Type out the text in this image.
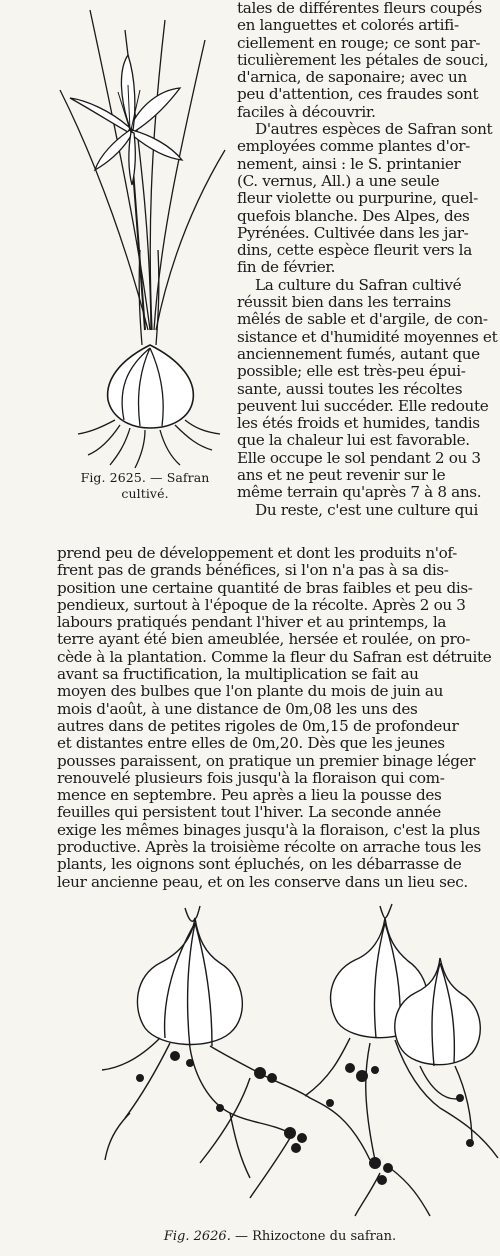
Fig. 2625. — Safran
cultivé.
tales de différentes fleurs coupés
en languettes et colorés artifi-
ciellement en rouge; ce sont par-
ticulièrement les pétales de souci,
d'arnica, de saponaire; avec un
peu d'attention, ces fraudes sont
faciles à découvrir.
D'autres espèces de Safran sont
employées comme plantes d'or-
nement, ainsi : le S. printanier
(C. vernus, All.) a une seule
fleur violette ou purpurine, quel-
quefois blanche. Des Alpes, des
Pyrénées. Cultivée dans les jar-
dins, cette espèce fleurit vers la
fin de février.
La culture du Safran cultivé
réussit bien dans les terrains
mêlés de sable et d'argile, de con-
sistance et d'humidité moyennes et
anciennement fumés, autant que
possible; elle est très-peu épui-
sante, aussi toutes les récoltes
peuvent lui succéder. Elle redoute
les étés froids et humides, tandis
que la chaleur lui est favorable.
Elle occupe le sol pendant 2 ou 3
ans et ne peut revenir sur le
même terrain qu'après 7 à 8 ans.
Du reste, c'est une culture qui
prend peu de développement et dont les produits n'of-
frent pas de grands bénéfices, si l'on n'a pas à sa dis-
position une certaine quantité de bras faibles et peu dis-
pendieux, surtout à l'époque de la récolte. Après 2 ou 3
labours pratiqués pendant l'hiver et au printemps, la
terre ayant été bien ameublée, hersée et roulée, on pro-
cède à la plantation. Comme la fleur du Safran est détruite
avant sa fructification, la multiplication se fait au
moyen des bulbes que l'on plante du mois de juin au
mois d'août, à une distance de 0m,08 les uns des
autres dans de petites rigoles de 0m,15 de profondeur
et distantes entre elles de 0m,20. Dès que les jeunes
pousses paraissent, on pratique un premier binage léger
renouvelé plusieurs fois jusqu'à la floraison qui com-
mence en septembre. Peu après a lieu la pousse des
feuilles qui persistent tout l'hiver. La seconde année
exige les mêmes binages jusqu'à la floraison, c'est la plus
productive. Après la troisième récolte on arrache tous les
plants, les oignons sont épluchés, on les débarrasse de
leur ancienne peau, et on les conserve dans un lieu sec.
Fig. 2626. — Rhizoctone du safran.
